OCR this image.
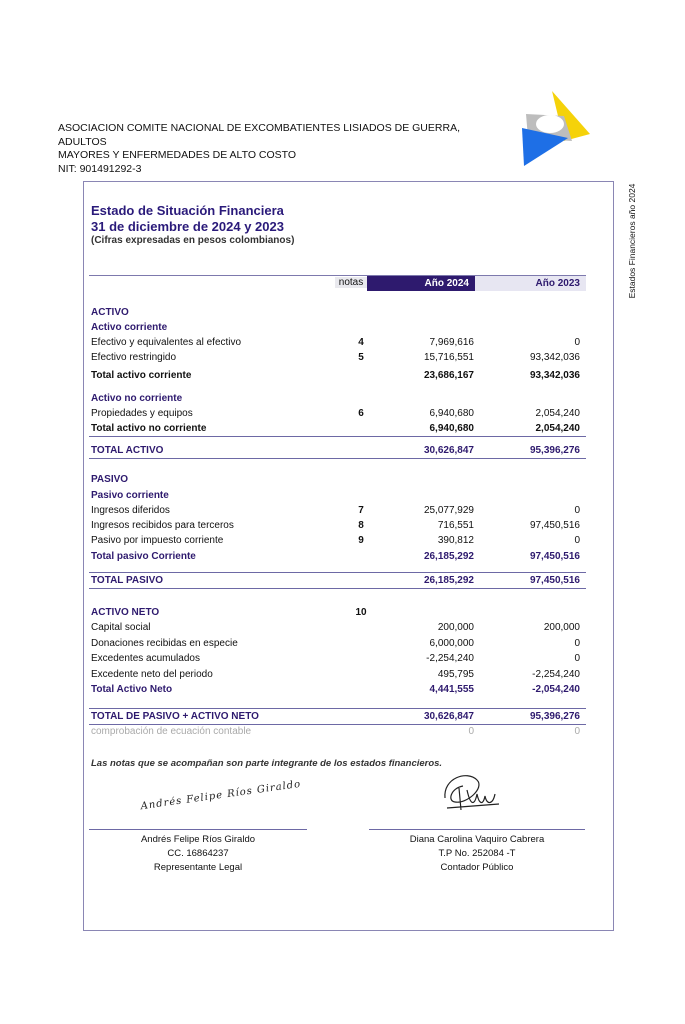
ASOCIACION COMITE NACIONAL DE EXCOMBATIENTES LISIADOS DE GUERRA, ADULTOS
MAYORES Y ENFERMEDADES DE ALTO COSTO
NIT: 901491292-3
Estados Financieros año 2024
Estado de Situación Financiera
31 de diciembre de 2024 y 2023
(Cifras expresadas en pesos colombianos)
notas	Año 2024	Año 2023
ACTIVO
Activo corriente
Efectivo y equivalentes al efectivo	4	7,969,616	0
Efectivo restringido	5	15,716,551	93,342,036
Total activo corriente	23,686,167	93,342,036
Activo no corriente
Propiedades y equipos	6	6,940,680	2,054,240
Total activo no corriente	6,940,680	2,054,240
TOTAL ACTIVO	30,626,847	95,396,276
PASIVO
Pasivo corriente
Ingresos diferidos	7	25,077,929	0
Ingresos recibidos para terceros	8	716,551	97,450,516
Pasivo por impuesto corriente	9	390,812	0
Total pasivo Corriente	26,185,292	97,450,516
TOTAL PASIVO	26,185,292	97,450,516
ACTIVO NETO	10
Capital social	200,000	200,000
Donaciones recibidas en especie	6,000,000	0
Excedentes acumulados	-2,254,240	0
Excedente neto del periodo	495,795	-2,254,240
Total Activo Neto	4,441,555	-2,054,240
TOTAL DE PASIVO + ACTIVO NETO	30,626,847	95,396,276
comprobación de ecuación contable	0	0
Las notas que se acompañan son parte integrante de los estados financieros.
Andrés Felipe Ríos Giraldo
Andrés Felipe Ríos Giraldo
CC. 16864237
Representante Legal
Diana Carolina Vaquiro Cabrera
T.P No. 252084 -T
Contador Público
